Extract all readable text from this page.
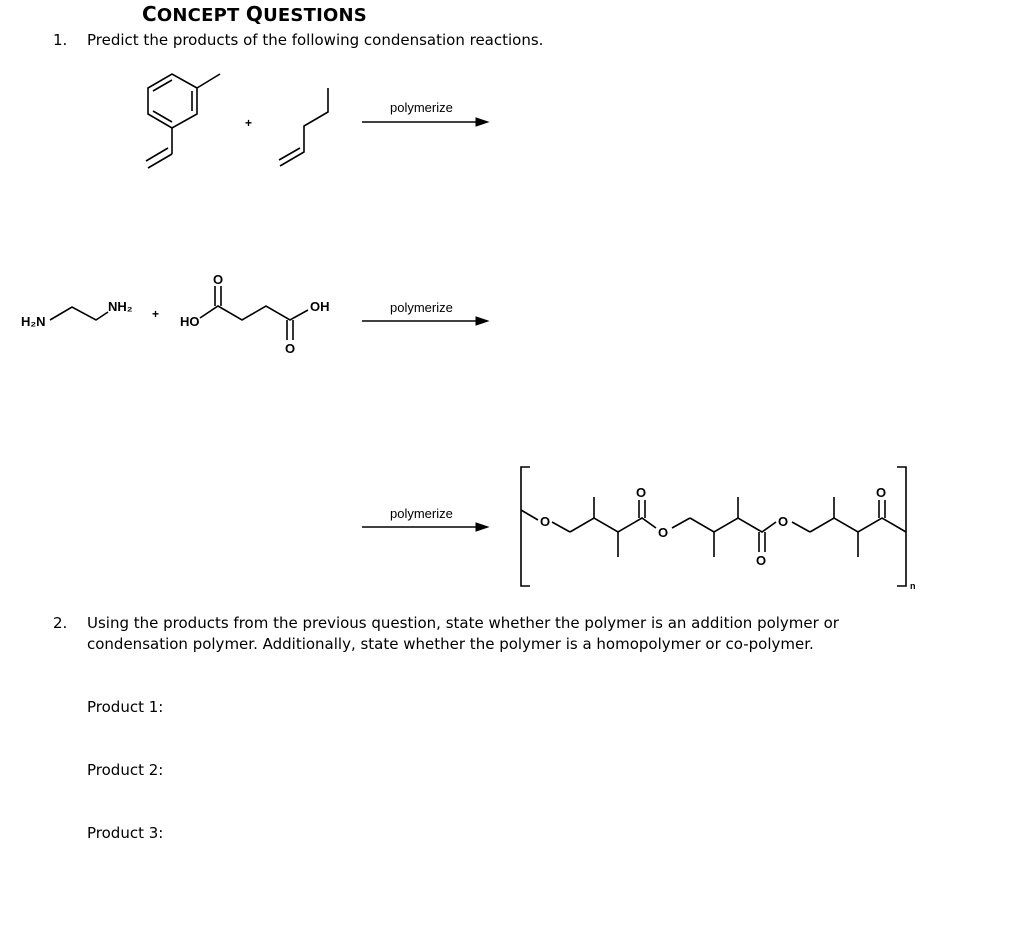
CONCEPT QUESTIONS
1. Predict the products of the following condensation reactions.
+
polymerize
H₂N
NH₂ + HO
O
O
OH	polymerize
polymerize
O
O
O
O
O
O
n
2. Using the products from the previous question, state whether the polymer is an addition polymer or
condensation polymer. Additionally, state whether the polymer is a homopolymer or co-polymer.
Product 1:
Product 2:
Product 3:
